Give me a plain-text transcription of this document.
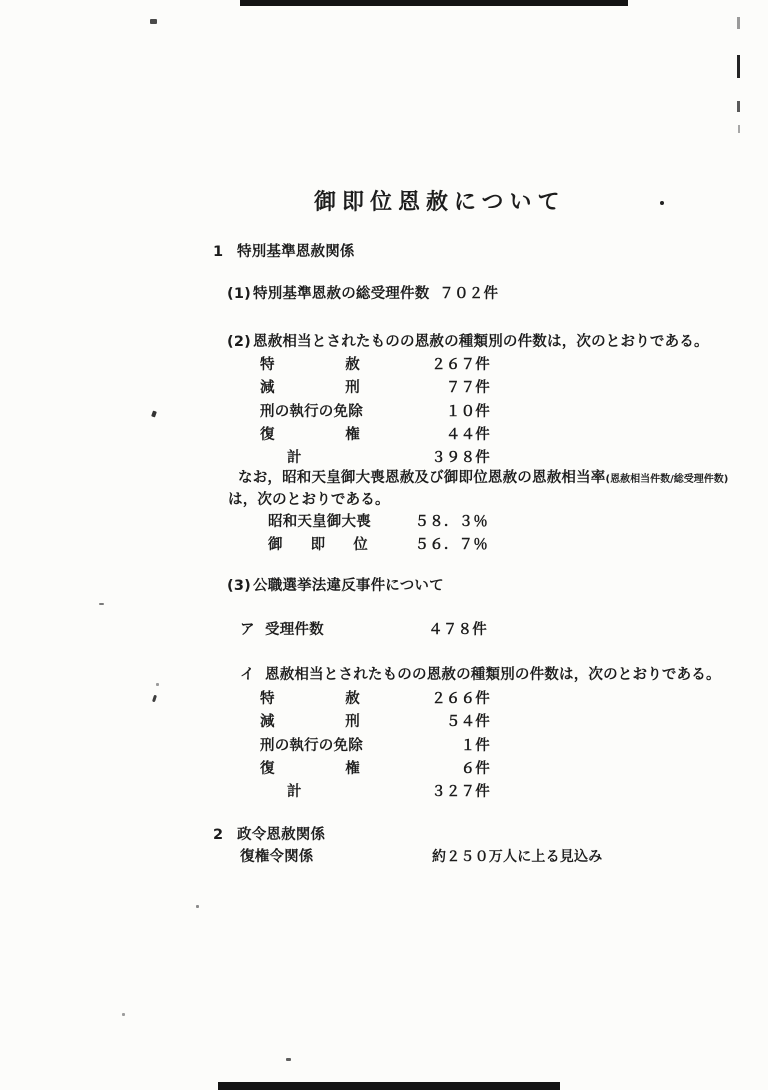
御即位恩赦について
1 特別基準恩赦関係
(1) 特別基準恩赦の総受理件数 ７０２件
(2) 恩赦相当とされたものの恩赦の種類別の件数は，次のとおりである。
特赦	２６７件
減刑	７７件
刑の執行の免除	１０件
復権	４４件
計	３９８件
なお，昭和天皇御大喪恩赦及び御即位恩赦の恩赦相当率(恩赦相当件数/総受理件数)
は，次のとおりである。
昭和天皇御大喪	５８．３％
御即位	５６．７％
(3) 公職選挙法違反事件について
ア 受理件数	４７８件
イ 恩赦相当とされたものの恩赦の種類別の件数は，次のとおりである。
特赦	２６６件
減刑	５４件
刑の執行の免除	１件
復権	６件
計	３２７件
2 政令恩赦関係
復権令関係	約２５０万人に上る見込み
